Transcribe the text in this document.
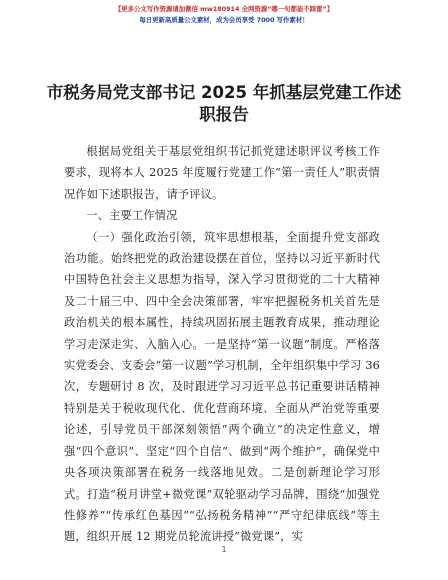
【更多公文写作资源请加微信 mw180914 全网资源“哪一句都能不踩雷”】
每日更新高质量公文素材，成为会员享受 7000 写作素材！
市税务局党支部书记 2025 年抓基层党建工作述职报告

根据局党组关于基层党组织书记抓党建述职评议考核工作要求，现将本人 2025 年度履行党建工作“第一责任人”职责情况作如下述职报告，请予评议。

一、主要工作情况

（一）强化政治引领，筑牢思想根基，全面提升党支部政治功能。始终把党的政治建设摆在首位，坚持以习近平新时代中国特色社会主义思想为指导，深入学习贯彻党的二十大精神及二十届三中、四中全会决策部署，牢牢把握税务机关首先是政治机关的根本属性，持续巩固拓展主题教育成果，推动理论学习走深走实、入脑入心。一是坚持“第一议题”制度。严格落实党委会、支委会“第一议题”学习机制，全年组织集中学习 36 次，专题研讨 8 次，及时跟进学习习近平总书记重要讲话精神特别是关于税收现代化、优化营商环境、全面从严治党等重要论述，引导党员干部深刻领悟“两个确立”的决定性意义，增强“四个意识”、坚定“四个自信”、做到“两个维护”，确保党中央各项决策部署在税务一线落地见效。二是创新理论学习形式。打造“税月讲堂+微党课”双轮驱动学习品牌，围绕“加强党性修养”“传承红色基因”“弘扬税务精神”“严守纪律底线”等主题，组织开展 12 期党员轮流讲授“微党课”，实

1
